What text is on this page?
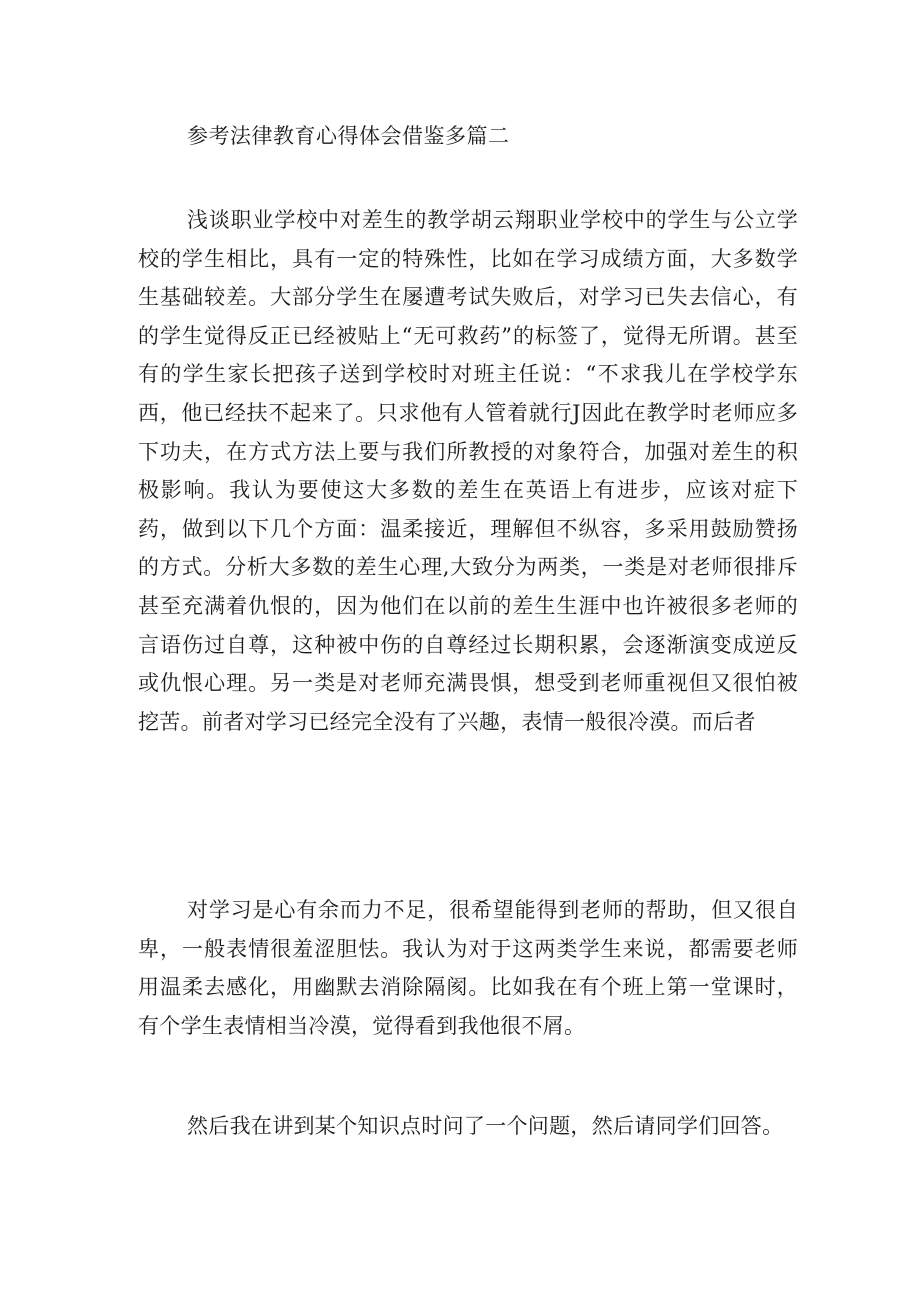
参考法律教育心得体会借鉴多篇二

浅谈职业学校中对差生的教学胡云翔职业学校中的学生与公立学校的学生相比，具有一定的特殊性，比如在学习成绩方面，大多数学生基础较差。大部分学生在屡遭考试失败后，对学习已失去信心，有的学生觉得反正已经被贴上“无可救药”的标签了，觉得无所谓。甚至有的学生家长把孩子送到学校时对班主任说：“不求我儿在学校学东西，他已经扶不起来了。只求他有人管着就行J因此在教学时老师应多下功夫，在方式方法上要与我们所教授的对象符合，加强对差生的积极影响。我认为要使这大多数的差生在英语上有进步，应该对症下药，做到以下几个方面：温柔接近，理解但不纵容，多采用鼓励赞扬的方式。分析大多数的差生心理,大致分为两类，一类是对老师很排斥甚至充满着仇恨的，因为他们在以前的差生生涯中也许被很多老师的言语伤过自尊，这种被中伤的自尊经过长期积累，会逐渐演变成逆反或仇恨心理。另一类是对老师充满畏惧，想受到老师重视但又很怕被挖苦。前者对学习已经完全没有了兴趣，表情一般很冷漠。而后者

对学习是心有余而力不足，很希望能得到老师的帮助，但又很自卑，一般表情很羞涩胆怯。我认为对于这两类学生来说，都需要老师用温柔去感化，用幽默去消除隔阂。比如我在有个班上第一堂课时，有个学生表情相当冷漠，觉得看到我他很不屑。

然后我在讲到某个知识点时问了一个问题，然后请同学们回答。
